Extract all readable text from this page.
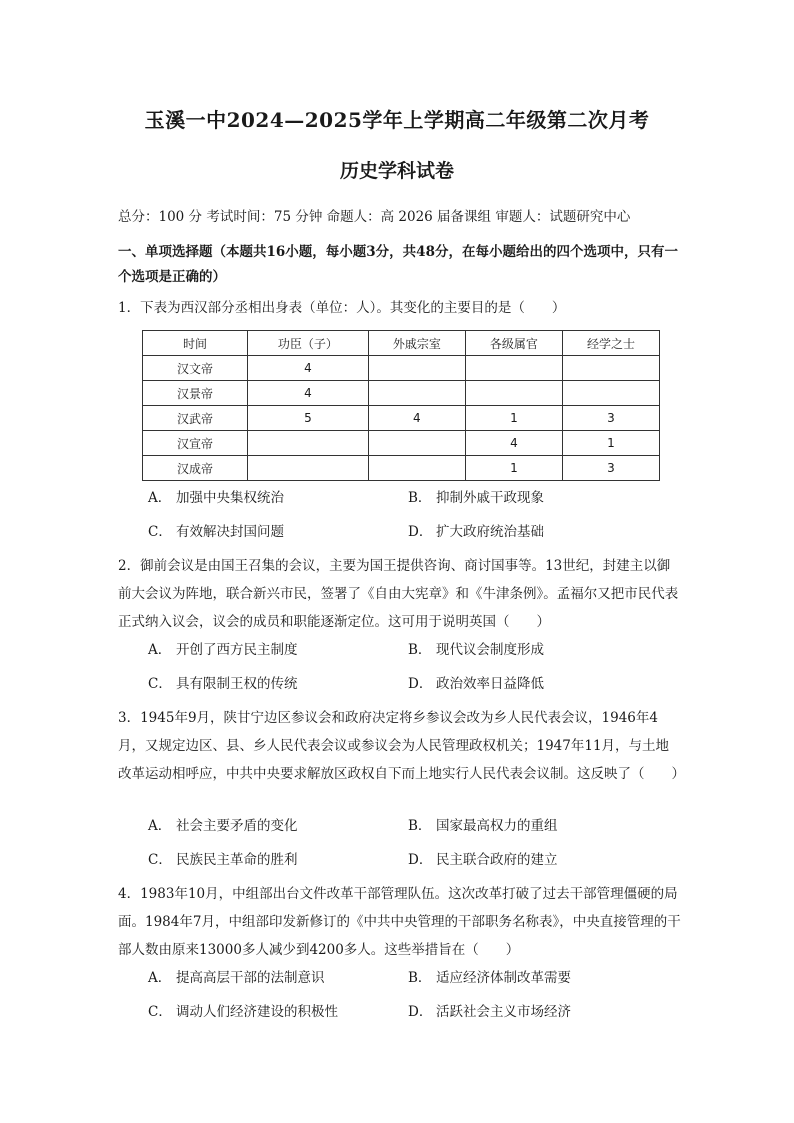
玉溪一中2024—2025学年上学期高二年级第二次月考
历史学科试卷
总分：100 分 考试时间：75 分钟 命题人：高 2026 届备课组 审题人：试题研究中心
一、单项选择题（本题共16小题，每小题3分，共48分，在每小题给出的四个选项中，只有一个选项是正确的）
1．下表为西汉部分丞相出身表（单位：人）。其变化的主要目的是（　　）
时间	功臣（子）	外戚宗室	各级属官	经学之士
汉文帝	4			
汉景帝	4			
汉武帝	5	4	1	3
汉宣帝			4	1
汉成帝			1	3
A． 加强中央集权统治	B． 抑制外戚干政现象
C． 有效解决封国问题	D． 扩大政府统治基础
2．御前会议是由国王召集的会议，主要为国王提供咨询、商讨国事等。13世纪，封建主以御前大会议为阵地，联合新兴市民，签署了《自由大宪章》和《牛津条例》。孟福尔又把市民代表正式纳入议会，议会的成员和职能逐渐定位。这可用于说明英国（　　）
A． 开创了西方民主制度	B． 现代议会制度形成
C． 具有限制王权的传统	D． 政治效率日益降低
3．1945年9月，陕甘宁边区参议会和政府决定将乡参议会改为乡人民代表会议，1946年4月，又规定边区、县、乡人民代表会议或参议会为人民管理政权机关；1947年11月，与土地改革运动相呼应，中共中央要求解放区政权自下而上地实行人民代表会议制。这反映了（　　）
A． 社会主要矛盾的变化	B． 国家最高权力的重组
C． 民族民主革命的胜利	D． 民主联合政府的建立
4．1983年10月，中组部出台文件改革干部管理队伍。这次改革打破了过去干部管理僵硬的局面。1984年7月，中组部印发新修订的《中共中央管理的干部职务名称表》，中央直接管理的干部人数由原来13000多人减少到4200多人。这些举措旨在（　　）
A． 提高高层干部的法制意识	B． 适应经济体制改革需要
C． 调动人们经济建设的积极性	D． 活跃社会主义市场经济
